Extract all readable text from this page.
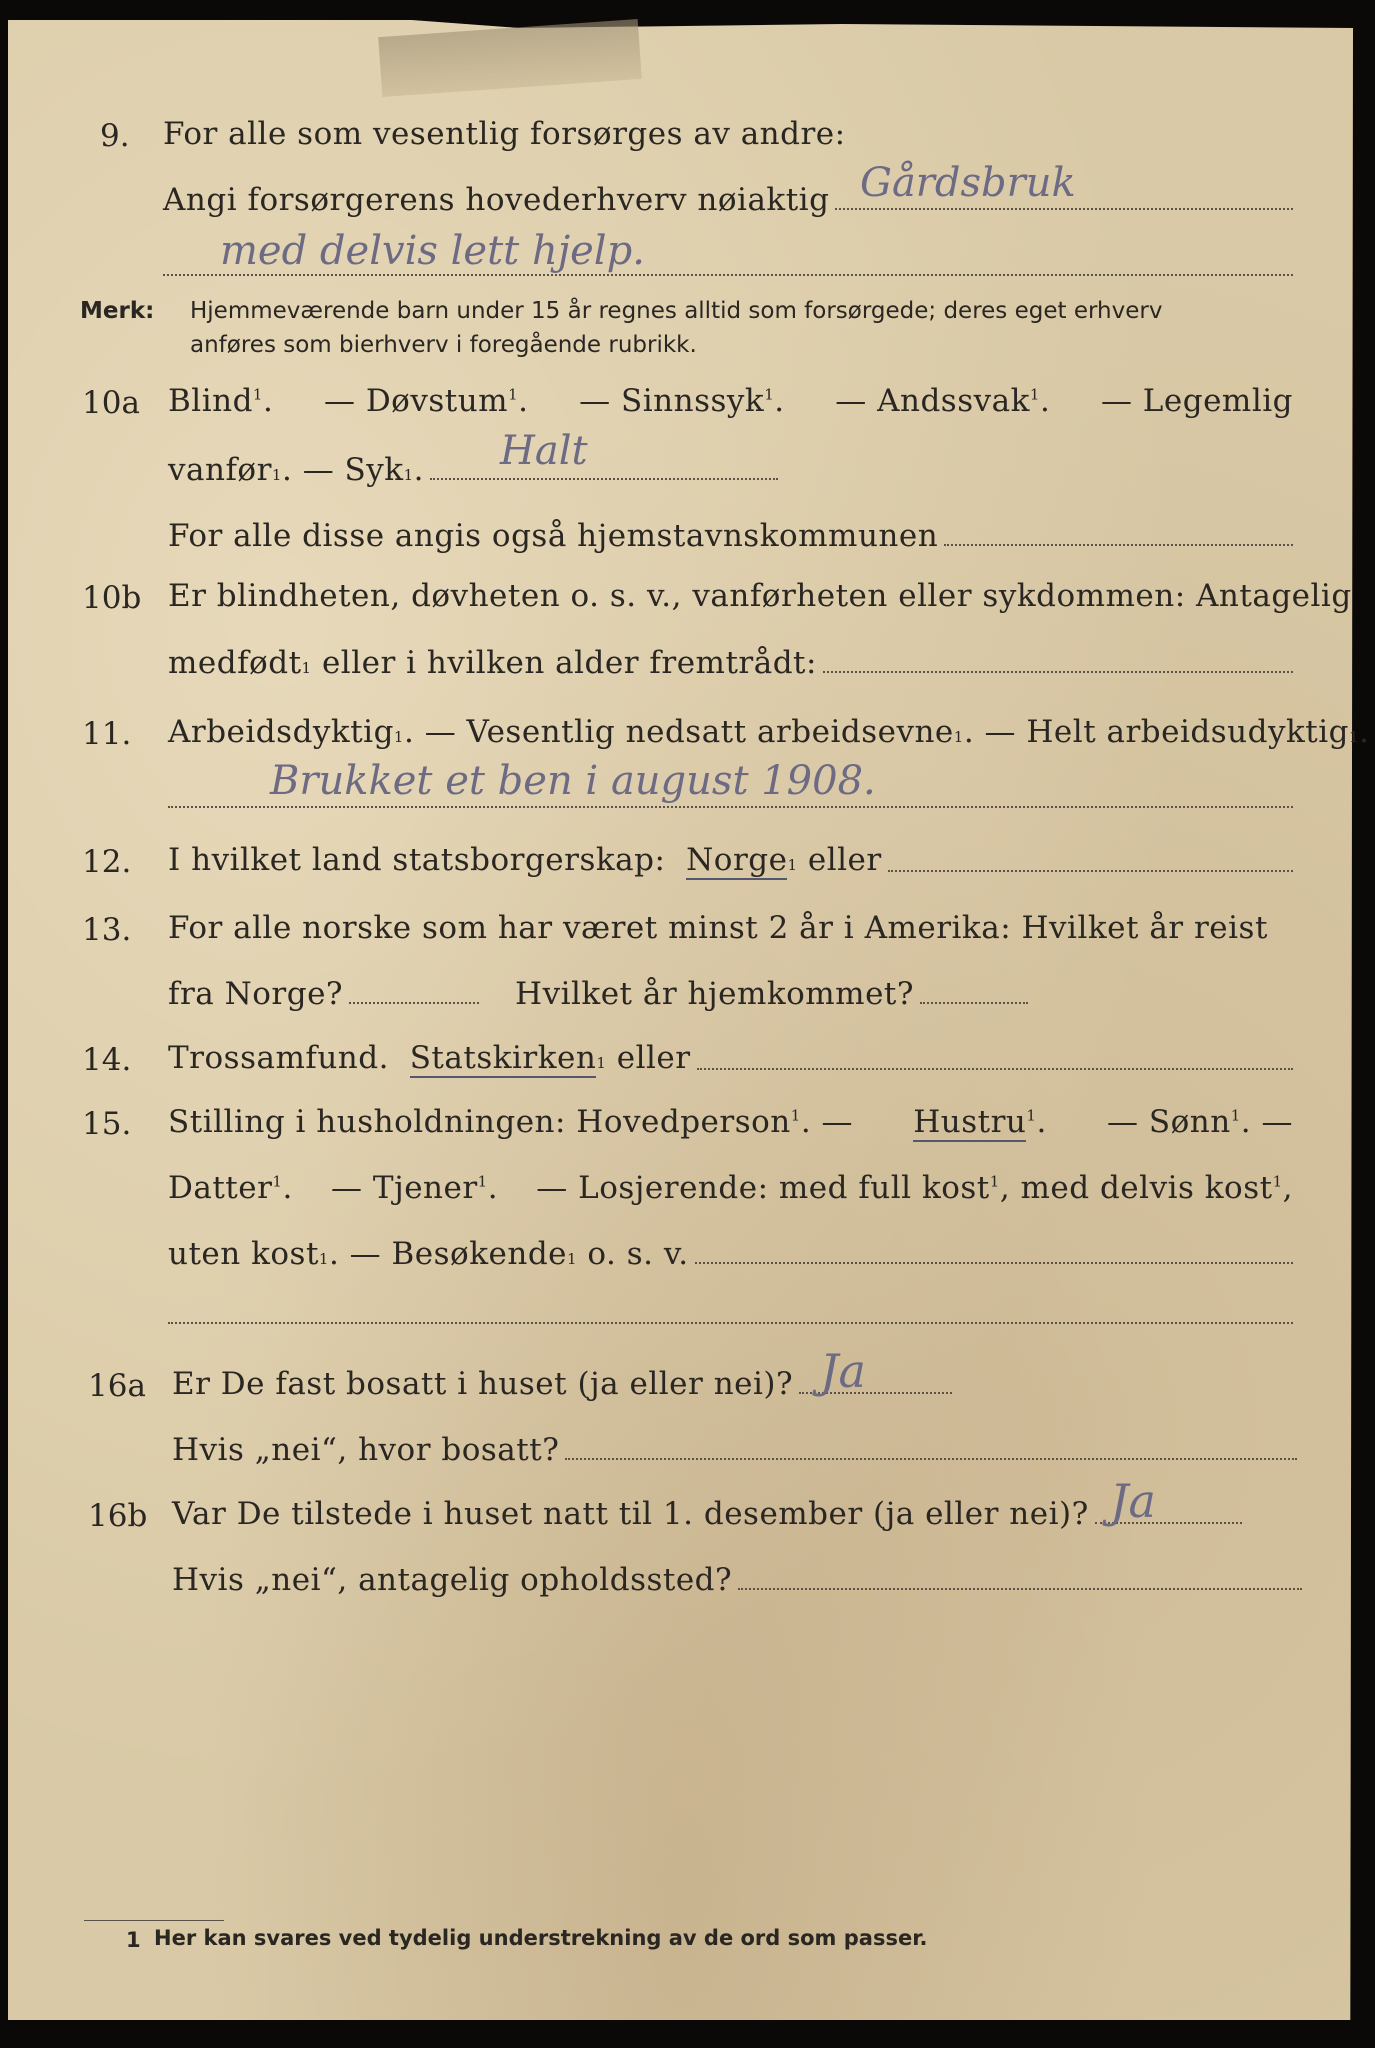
9. For alle som vesentlig forsørges av andre:
Angi forsørgerens hovederhverv nøiaktig Gårdsbruk
med delvis lett hjelp.
Merk: Hjemmeværende barn under 15 år regnes alltid som forsørgede; deres eget erhverv
anføres som bierhverv i foregående rubrikk.
10a Blind$^1$. — Døvstum$^1$. — Sinnssyk$^1$. — Andssvak$^1$. — Legemlig
vanfør 1 . — Syk 1 .	Halt
For alle disse angis også hjemstavnskommunen
10b Er blindheten, døvheten o. s. v., vanførheten eller sykdommen: Antagelig
medfødt 1
eller i hvilken alder fremtrådt:
11. Arbeidsdyktig 1 . — Vesentlig nedsatt arbeidsevne 1 . — Helt arbeidsudyktig 1 .
Brukket et ben i august 1908.
12. I hvilket land statsborgerskap:
Norge 1
eller
13. For alle norske som har været minst 2 år i Amerika: Hvilket år reist
fra Norge?	Hvilket år hjemkommet?
14. Trossamfund.
Statskirken 1
eller
15. Stilling i husholdningen: Hovedperson$^1$. — Hustru$^1$. — Sønn$^1$. —
Datter$^1$. — Tjener$^1$. — Losjerende: med full kost$^1$, med delvis kost$^1$,
uten kost 1 . — Besøkende 1
o. s. v.
16a Er De fast bosatt i huset (ja eller nei)? Ja
Hvis „nei“, hvor bosatt?
16b Var De tilstede i huset natt til 1. desember (ja eller nei)? Ja
Hvis „nei“, antagelig opholdssted?
1 Her kan svares ved tydelig understrekning av de ord som passer.
